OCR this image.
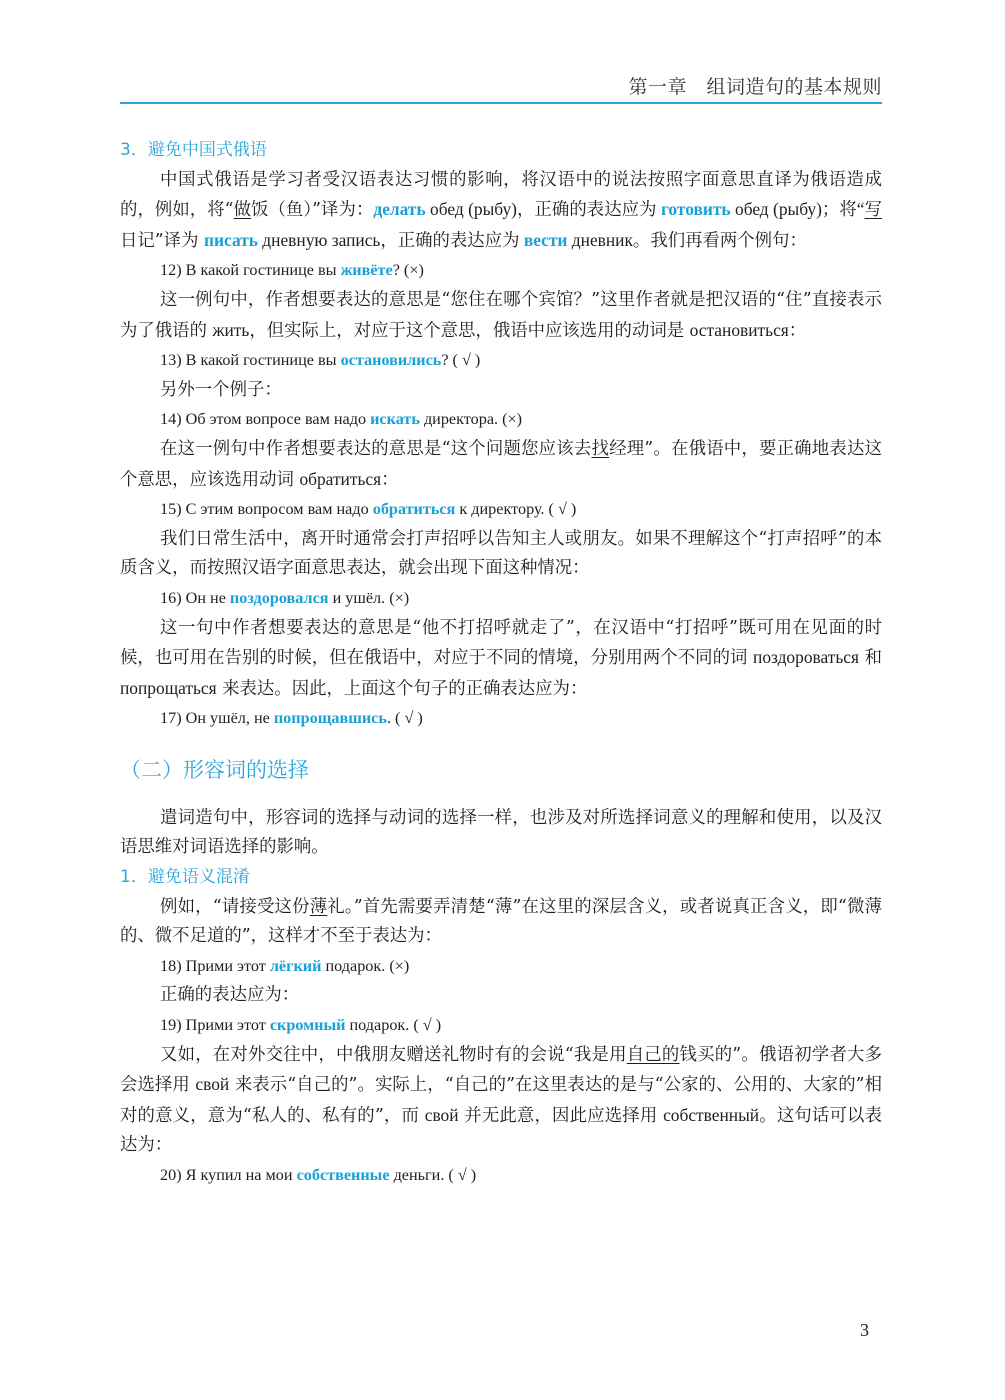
第一章　组词造句的基本规则

3．避免中国式俄语

中国式俄语是学习者受汉语表达习惯的影响，将汉语中的说法按照字面意思直译为俄语造成的，例如，将“做饭（鱼）”译为：делать обед (рыбу)，正确的表达应为 готовить обед (рыбу)；将“写日记”译为 писать дневную запись，正确的表达应为 вести дневник。我们再看两个例句：

12) В какой гостинице вы живёте? (×)

这一例句中，作者想要表达的意思是“您住在哪个宾馆？”这里作者就是把汉语的“住”直接表示为了俄语的 жить，但实际上，对应于这个意思，俄语中应该选用的动词是 остановиться：

13) В какой гостинице вы остановились? ( √ )

另外一个例子：

14) Об этом вопросе вам надо искать директора. (×)

在这一例句中作者想要表达的意思是“这个问题您应该去找经理”。在俄语中，要正确地表达这个意思，应该选用动词 обратиться：

15) С этим вопросом вам надо обратиться к директору. ( √ )

我们日常生活中，离开时通常会打声招呼以告知主人或朋友。如果不理解这个“打声招呼”的本质含义，而按照汉语字面意思表达，就会出现下面这种情况：

16) Он не поздоровался и ушёл. (×)

这一句中作者想要表达的意思是“他不打招呼就走了”，在汉语中“打招呼”既可用在见面的时候，也可用在告别的时候，但在俄语中，对应于不同的情境，分别用两个不同的词 поздороваться 和 попрощаться 来表达。因此，上面这个句子的正确表达应为：

17) Он ушёл, не попрощавшись. ( √ )

（二）形容词的选择

遣词造句中，形容词的选择与动词的选择一样，也涉及对所选择词意义的理解和使用，以及汉语思维对词语选择的影响。

1．避免语义混淆

例如，“请接受这份薄礼。”首先需要弄清楚“薄”在这里的深层含义，或者说真正含义，即“微薄的、微不足道的”，这样才不至于表达为：

18) Прими этот лёгкий подарок. (×)

正确的表达应为：

19) Прими этот скромный подарок. ( √ )

又如，在对外交往中，中俄朋友赠送礼物时有的会说“我是用自己的钱买的”。俄语初学者大多会选择用 свой 来表示“自己的”。实际上，“自己的”在这里表达的是与“公家的、公用的、大家的”相对的意义，意为“私人的、私有的”，而 свой 并无此意，因此应选择用 собственный。这句话可以表达为：

20) Я купил на мои собственные деньги. ( √ )

3
